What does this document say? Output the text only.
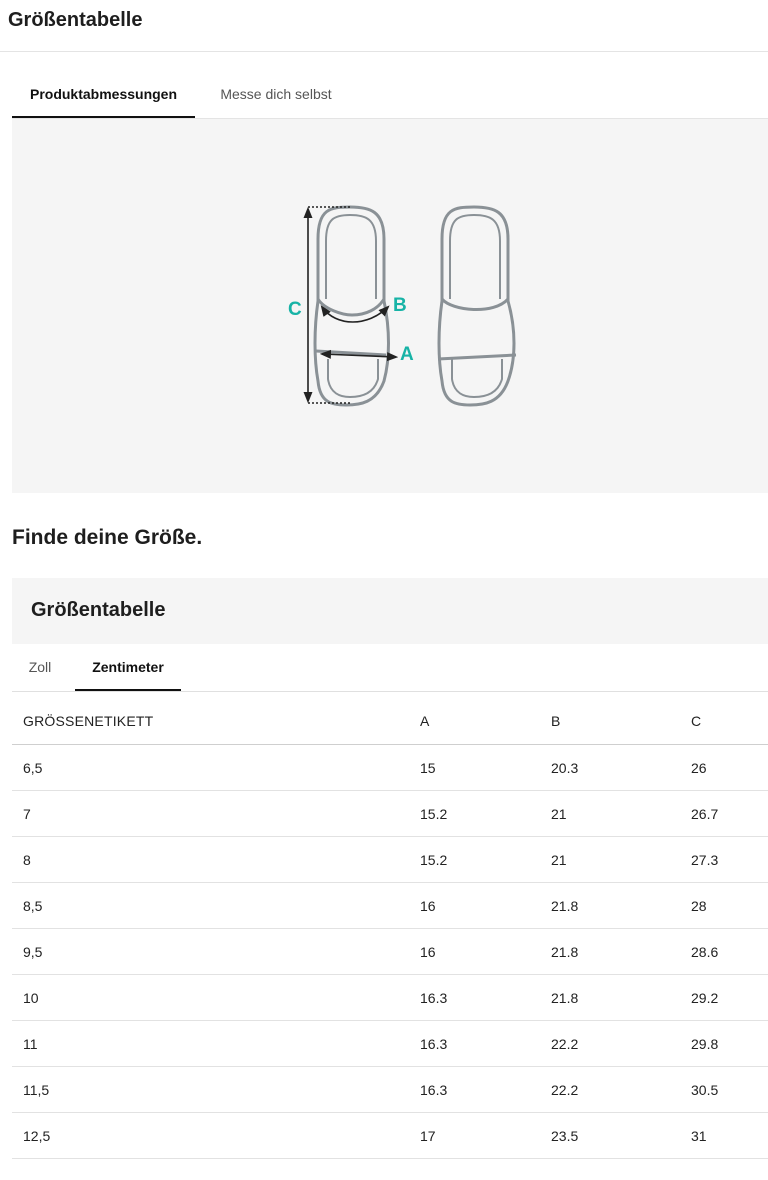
Größentabelle
Produktabmessungen	Messe dich selbst
C	B
A
Finde deine Größe.
Größentabelle
Zoll	Zentimeter
GRÖSSENETIKETT	A	B	C
6,5	15	20.3	26
7	15.2	21	26.7
8	15.2	21	27.3
8,5	16	21.8	28
9,5	16	21.8	28.6
10	16.3	21.8	29.2
11	16.3	22.2	29.8
11,5	16.3	22.2	30.5
12,5	17	23.5	31
